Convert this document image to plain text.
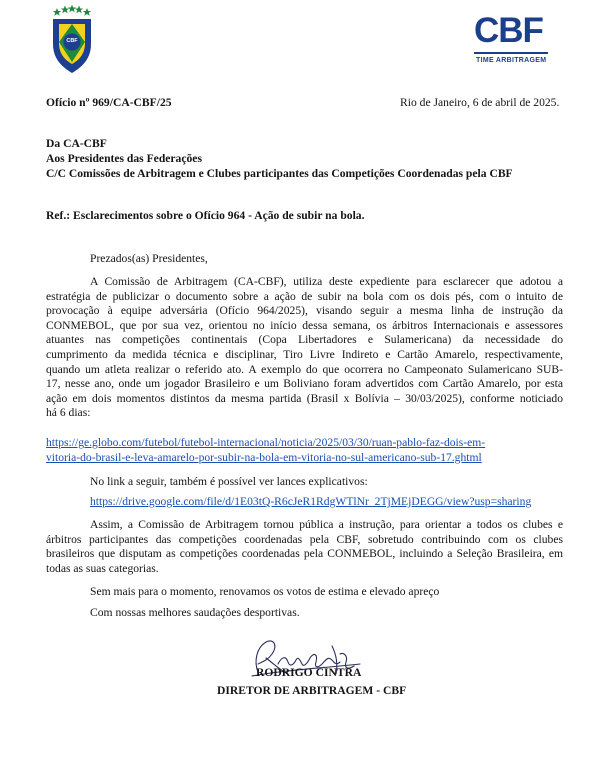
CBF	CBF
TIME ARBITRAGEM
Ofício nº 969/CA-CBF/25	Rio de Janeiro, 6 de abril de 2025.
Da CA-CBF
Aos Presidentes das Federações
C/C Comissões de Arbitragem e Clubes participantes das Competições Coordenadas pela CBF
Ref.: Esclarecimentos sobre o Ofício 964 - Ação de subir na bola.
Prezados(as) Presidentes,
A Comissão de Arbitragem (CA-CBF), utiliza deste expediente para esclarecer que adotou a
estratégia de publicizar o documento sobre a ação de subir na bola com os dois pés, com o intuito de
provocação à equipe adversária (Ofício 964/2025), visando seguir a mesma linha de instrução da
CONMEBOL, que por sua vez, orientou no início dessa semana, os árbitros Internacionais e assessores
atuantes nas competições continentais (Copa Libertadores e Sulamericana) da necessidade do
cumprimento da medida técnica e disciplinar, Tiro Livre Indireto e Cartão Amarelo, respectivamente,
quando um atleta realizar o referido ato. A exemplo do que ocorrera no Campeonato Sulamericano SUB-
17, nesse ano, onde um jogador Brasileiro e um Boliviano foram advertidos com Cartão Amarelo, por esta
ação em dois momentos distintos da mesma partida (Brasil x Bolívia – 30/03/2025), conforme noticiado
há 6 dias:
https://ge.globo.com/futebol/futebol-internacional/noticia/2025/03/30/ruan-pablo-faz-dois-em-
vitoria-do-brasil-e-leva-amarelo-por-subir-na-bola-em-vitoria-no-sul-americano-sub-17.ghtml
No link a seguir, também é possível ver lances explicativos:
https://drive.google.com/file/d/1E03tQ-R6cJeR1RdgWTlNr_2TjMEjDEGG/view?usp=sharing
Assim, a Comissão de Arbitragem tornou pública a instrução, para orientar a todos os clubes e
árbitros participantes das competições coordenadas pela CBF, sobretudo contribuindo com os clubes
brasileiros que disputam as competições coordenadas pela CONMEBOL, incluindo a Seleção Brasileira, em
todas as suas categorias.
Sem mais para o momento, renovamos os votos de estima e elevado apreço
Com nossas melhores saudações desportivas.
RODRIGO CINTRA
DIRETOR DE ARBITRAGEM - CBF
